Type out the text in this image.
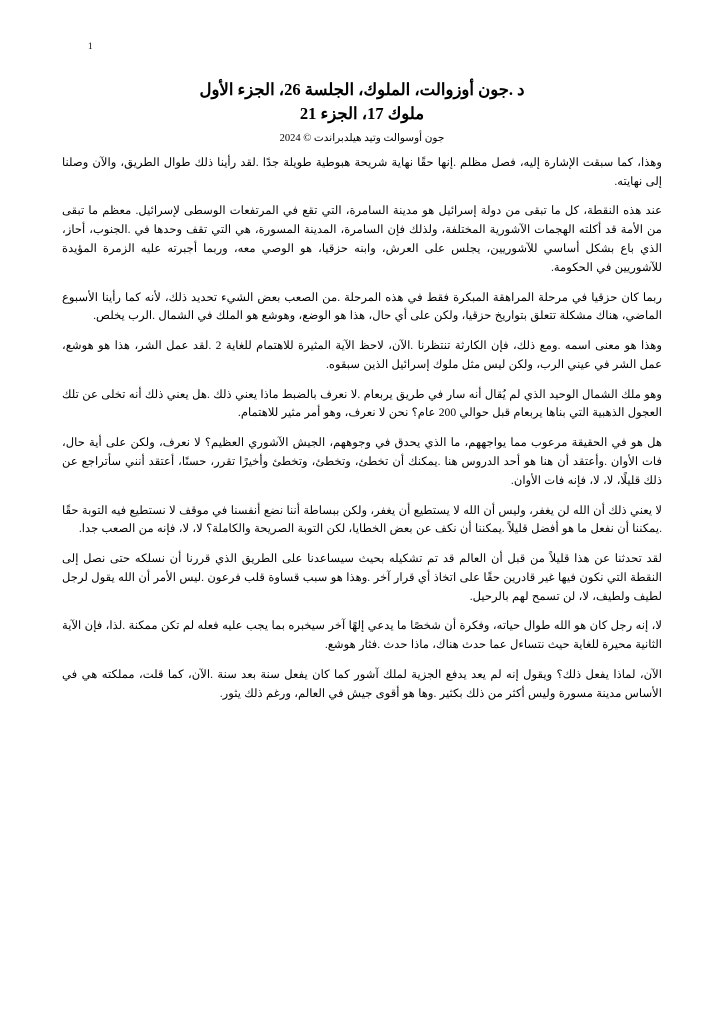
1
د .جون أوزوالت، الملوك، الجلسة 26، الجزء الأول
ملوك 17، الجزء 21
جون أوسوالت وتيد هيلدبراندت © 2024

وهذا، كما سبقت الإشارة إليه، فصل مظلم .إنها حقًا نهاية شريحة هبوطية طويلة جدًا .لقد رأينا ذلك طوال الطريق، والآن وصلنا إلى نهايته.

عند هذه النقطة، كل ما تبقى من دولة إسرائيل هو مدينة السامرة، التي تقع في المرتفعات الوسطى لإسرائيل. معظم ما تبقى من الأمة قد أكلته الهجمات الآشورية المختلفة، ولذلك فإن السامرة، المدينة المسورة، هي التي تقف وحدها في .الجنوب، أحاز، الذي باع بشكل أساسي للآشوريين، يجلس على العرش، وابنه حزقيا، هو الوصي معه، وربما أجبرته عليه الزمرة المؤيدة للآشوريين في الحكومة.

ربما كان حزقيا في مرحلة المراهقة المبكرة فقط في هذه المرحلة .من الصعب بعض الشيء تحديد ذلك، لأنه كما رأينا الأسبوع الماضي، هناك مشكلة تتعلق بتواريخ حزقيا، ولكن على أي حال، هذا هو الوضع، وهوشع هو الملك في الشمال .الرب يخلص.

وهذا هو معنى اسمه .ومع ذلك، فإن الكارثة تنتظرنا .الآن، لاحظ الآية المثيرة للاهتمام للغاية 2 .لقد عمل الشر، هذا هو هوشع، عمل الشر في عيني الرب، ولكن ليس مثل ملوك إسرائيل الذين سبقوه.

وهو ملك الشمال الوحيد الذي لم يُقال أنه سار في طريق يربعام .لا نعرف بالضبط ماذا يعني ذلك .هل يعني ذلك أنه تخلى عن تلك العجول الذهبية التي بناها يربعام قبل حوالي 200 عام؟ نحن لا نعرف، وهو أمر مثير للاهتمام.

هل هو في الحقيقة مرعوب مما يواجههم، ما الذي يحدق في وجوههم، الجيش الآشوري العظيم؟ لا نعرف، ولكن على أية حال، فات الأوان .وأعتقد أن هنا هو أحد الدروس هنا .يمكنك أن تخطئ، وتخطئ، وتخطئ وأخيرًا تقرر، حسنًا، أعتقد أنني سأتراجع عن ذلك قليلًا، لا، لا، فإنه فات الأوان.

لا يعني ذلك أن الله لن يغفر، وليس أن الله لا يستطيع أن يغفر، ولكن ببساطة أننا نضع أنفسنا في موقف لا نستطيع فيه التوبة حقًا .يمكننا أن نفعل ما هو أفضل قليلاً .يمكننا أن نكف عن بعض الخطايا، لكن التوبة الصريحة والكاملة؟ لا، لا، فإنه من الصعب جدا.

لقد تحدثنا عن هذا قليلاً من قبل أن العالم قد تم تشكيله بحيث سيساعدنا على الطريق الذي قررنا أن نسلكه حتى نصل إلى النقطة التي نكون فيها غير قادرين حقًا على اتخاذ أي قرار آخر .وهذا هو سبب قساوة قلب فرعون .ليس الأمر أن الله يقول لرجل لطيف ولطيف، لا، لن تسمح لهم بالرحيل.

لا، إنه رجل كان هو الله طوال حياته، وفكرة أن شخصًا ما يدعي إلهًا آخر سيخبره بما يجب عليه فعله لم تكن ممكنة .لذا، فإن الآية الثانية محيرة للغاية حيث نتساءل عما حدث هناك، ماذا حدث .فثار هوشع.

الآن، لماذا يفعل ذلك؟ ويقول إنه لم يعد يدفع الجزية لملك آشور كما كان يفعل سنة بعد سنة .الآن، كما قلت، مملكته هي في الأساس مدينة مسورة وليس أكثر من ذلك بكثير .وها هو أقوى جيش في العالم، ورغم ذلك يثور.
